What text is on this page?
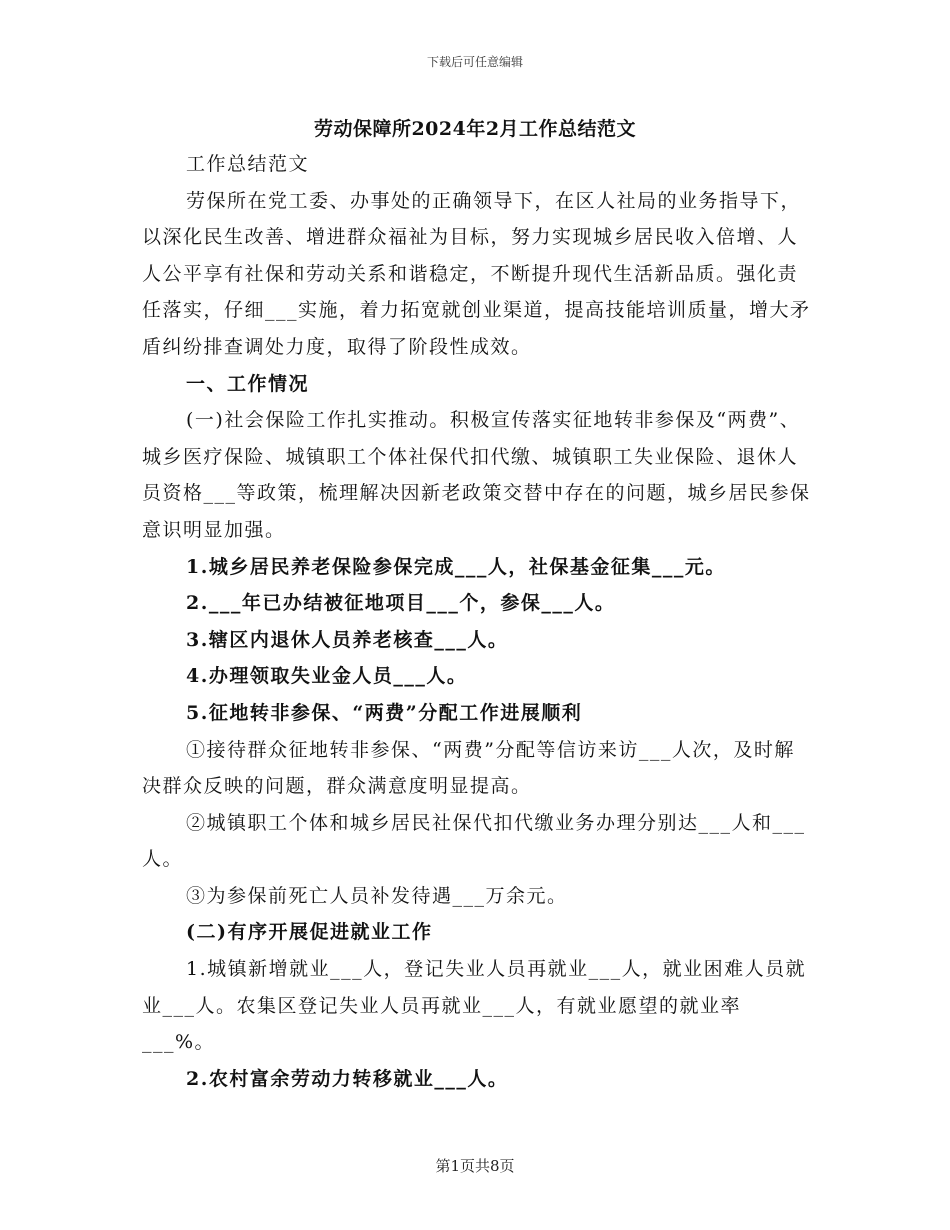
下载后可任意编辑
劳动保障所2024年2月工作总结范文

工作总结范文

劳保所在党工委、办事处的正确领导下，在区人社局的业务指导下，以深化民生改善、增进群众福祉为目标，努力实现城乡居民收入倍增、人人公平享有社保和劳动关系和谐稳定，不断提升现代生活新品质。强化责任落实，仔细___实施，着力拓宽就创业渠道，提高技能培训质量，增大矛盾纠纷排查调处力度，取得了阶段性成效。

一、工作情况

(一)社会保险工作扎实推动。积极宣传落实征地转非参保及“两费”、城乡医疗保险、城镇职工个体社保代扣代缴、城镇职工失业保险、退休人员资格___等政策，梳理解决因新老政策交替中存在的问题，城乡居民参保意识明显加强。

1.城乡居民养老保险参保完成___人，社保基金征集___元。

2.___年已办结被征地项目___个，参保___人。

3.辖区内退休人员养老核查___人。

4.办理领取失业金人员___人。

5.征地转非参保、“两费”分配工作进展顺利

①接待群众征地转非参保、“两费”分配等信访来访___人次，及时解决群众反映的问题，群众满意度明显提高。

②城镇职工个体和城乡居民社保代扣代缴业务办理分别达___人和___人。

③为参保前死亡人员补发待遇___万余元。

(二)有序开展促进就业工作

1.城镇新增就业___人，登记失业人员再就业___人，就业困难人员就业___人。农集区登记失业人员再就业___人，有就业愿望的就业率___%。

2.农村富余劳动力转移就业___人。

第1页共8页
